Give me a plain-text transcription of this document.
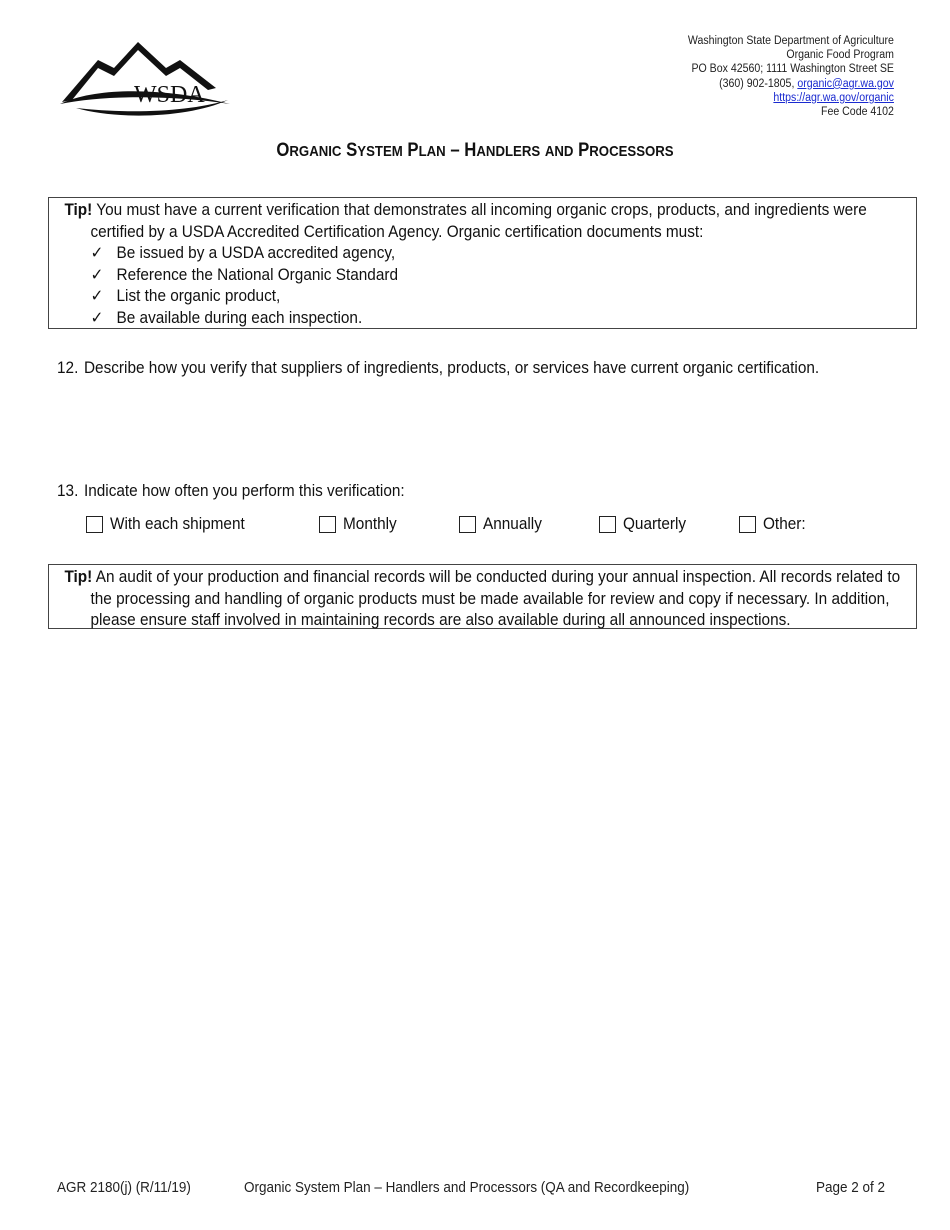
WSDA
Washington State Department of Agriculture
Organic Food Program
PO Box 42560; 1111 Washington Street SE
(360) 902-1805, organic@agr.wa.gov
https://agr.wa.gov/organic
Fee Code 4102
ORGANIC SYSTEM PLAN – HANDLERS AND PROCESSORS

Tip! You must have a current verification that demonstrates all incoming organic crops, products, and ingredients were certified by a USDA Accredited Certification Agency. Organic certification documents must:

✓ Be issued by a USDA accredited agency,
✓ Reference the National Organic Standard
✓ List the organic product,
✓ Be available during each inspection.
12. Describe how you verify that suppliers of ingredients, products, or services have current organic certification.
13. Indicate how often you perform this verification:
With each shipment	Monthly	Annually	Quarterly	Other:

Tip! An audit of your production and financial records will be conducted during your annual inspection. All records related to the processing and handling of organic products must be made available for review and copy if necessary. In addition, please ensure staff involved in maintaining records are also available during all announced inspections.

AGR 2180(j) (R/11/19)	Organic System Plan – Handlers and Processors (QA and Recordkeeping)	Page 2 of 2
